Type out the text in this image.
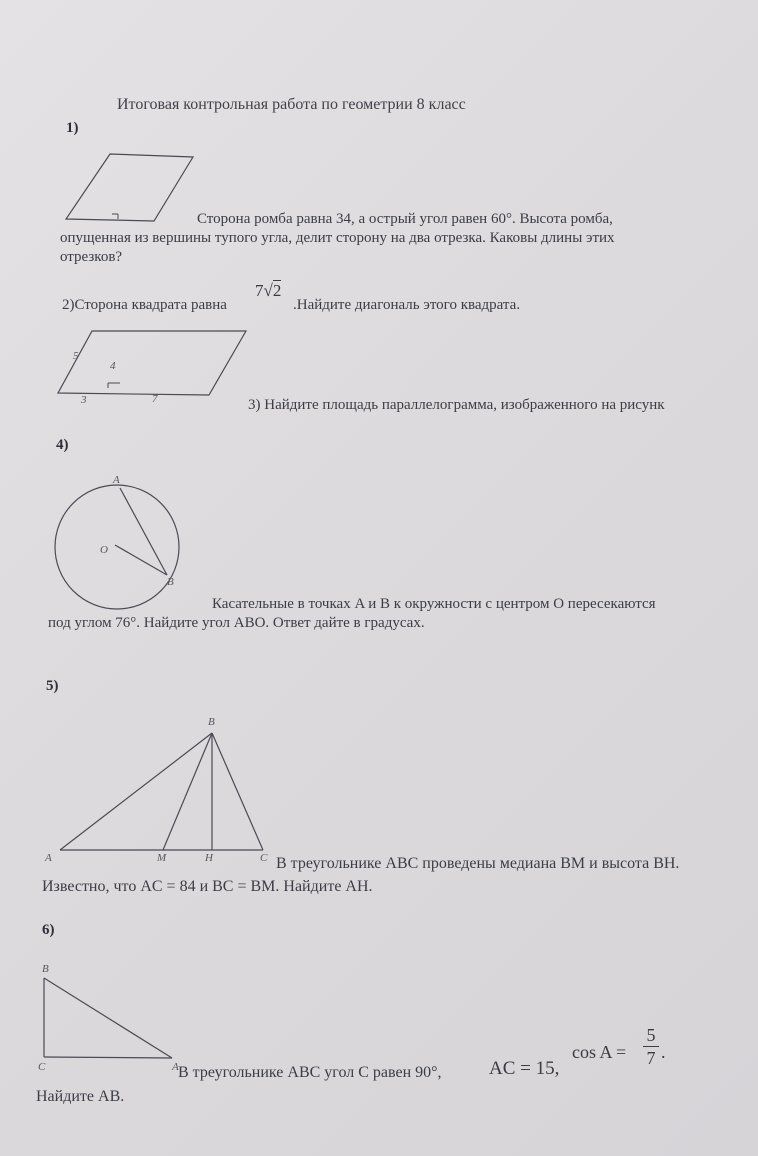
Итоговая контрольная работа по геометрии 8 класс
1)
Сторона ромба равна 34, а острый угол равен 60°. Высота ромба,
опущенная из вершины тупого угла, делит сторону на два отрезка. Каковы длины этих
отрезков?
2)Сторона квадрата равна
7√2
.Найдите диагональ этого квадрата.
5
4
3	7	3) Найдите площадь параллелограмма, изображенного на рисунк
4)
A
O
B
Касательные в точках A и B к окружности с центром O пересекаются
под углом 76°. Найдите угол ABO. Ответ дайте в градусах.
5)
B
A	M	H	C В треугольнике ABC проведены медиана BM и высота BH.
Известно, что AC = 84 и BC = BM. Найдите AH.
6)
B
C	A В треугольнике ABC угол C равен 90°, AC = 15,
cos A =
5
7 .
Найдите AB.
